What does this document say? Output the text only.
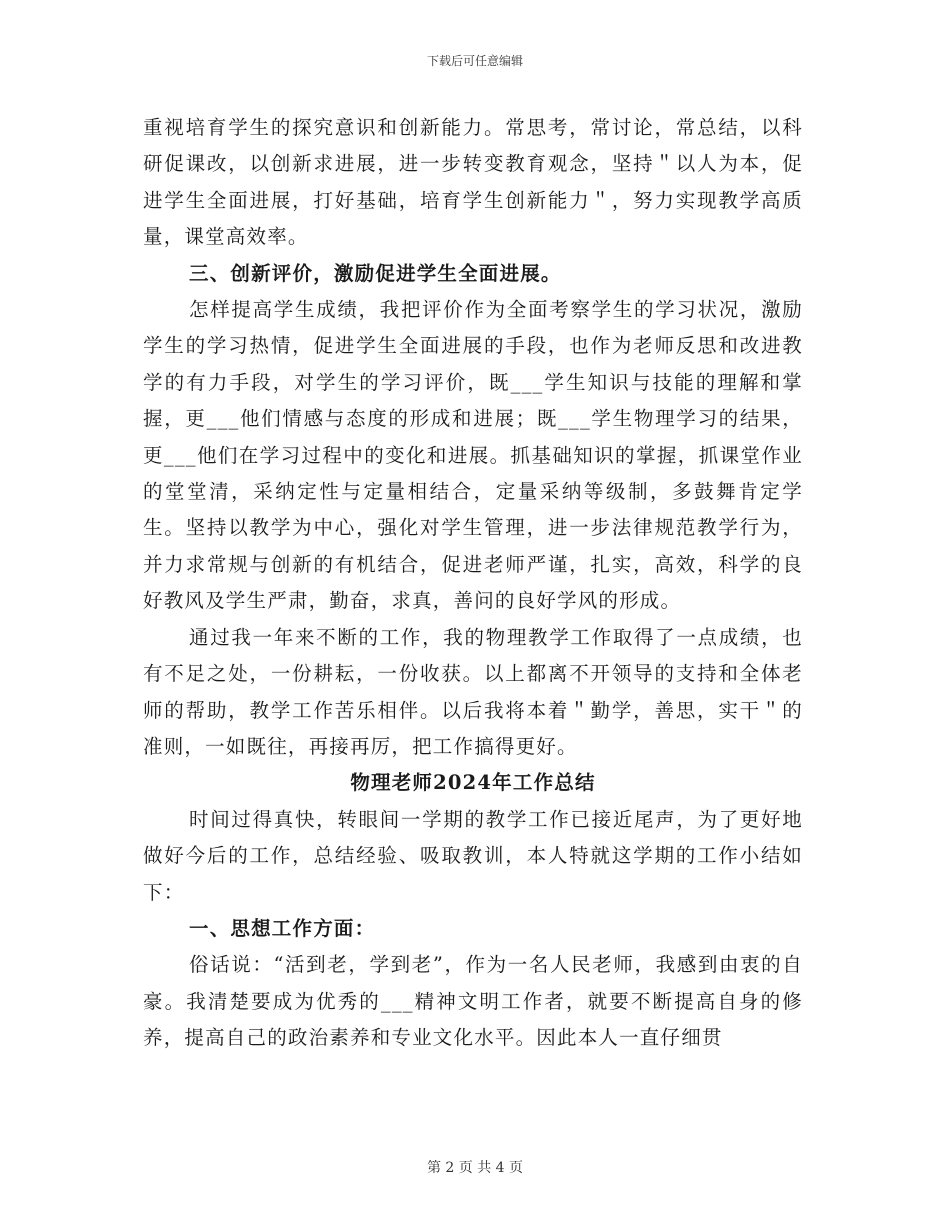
下载后可任意编辑

重视培育学生的探究意识和创新能力。常思考，常讨论，常总结，以科研促课改，以创新求进展，进一步转变教育观念，坚持＂以人为本，促进学生全面进展，打好基础，培育学生创新能力＂，努力实现教学高质量，课堂高效率。

三、创新评价，激励促进学生全面进展。

怎样提高学生成绩，我把评价作为全面考察学生的学习状况，激励学生的学习热情，促进学生全面进展的手段，也作为老师反思和改进教学的有力手段，对学生的学习评价，既___学生知识与技能的理解和掌握，更___他们情感与态度的形成和进展；既___学生物理学习的结果，更___他们在学习过程中的变化和进展。抓基础知识的掌握，抓课堂作业的堂堂清，采纳定性与定量相结合，定量采纳等级制，多鼓舞肯定学生。坚持以教学为中心，强化对学生管理，进一步法律规范教学行为，并力求常规与创新的有机结合，促进老师严谨，扎实，高效，科学的良好教风及学生严肃，勤奋，求真，善问的良好学风的形成。

通过我一年来不断的工作，我的物理教学工作取得了一点成绩，也有不足之处，一份耕耘，一份收获。以上都离不开领导的支持和全体老师的帮助，教学工作苦乐相伴。以后我将本着＂勤学，善思，实干＂的准则，一如既往，再接再厉，把工作搞得更好。

物理老师2024年工作总结

时间过得真快，转眼间一学期的教学工作已接近尾声，为了更好地做好今后的工作，总结经验、吸取教训，本人特就这学期的工作小结如下：

一、思想工作方面：

俗话说：“活到老，学到老”，作为一名人民老师，我感到由衷的自豪。我清楚要成为优秀的___精神文明工作者，就要不断提高自身的修养，提高自己的政治素养和专业文化水平。因此本人一直仔细贯

第 2 页 共 4 页
